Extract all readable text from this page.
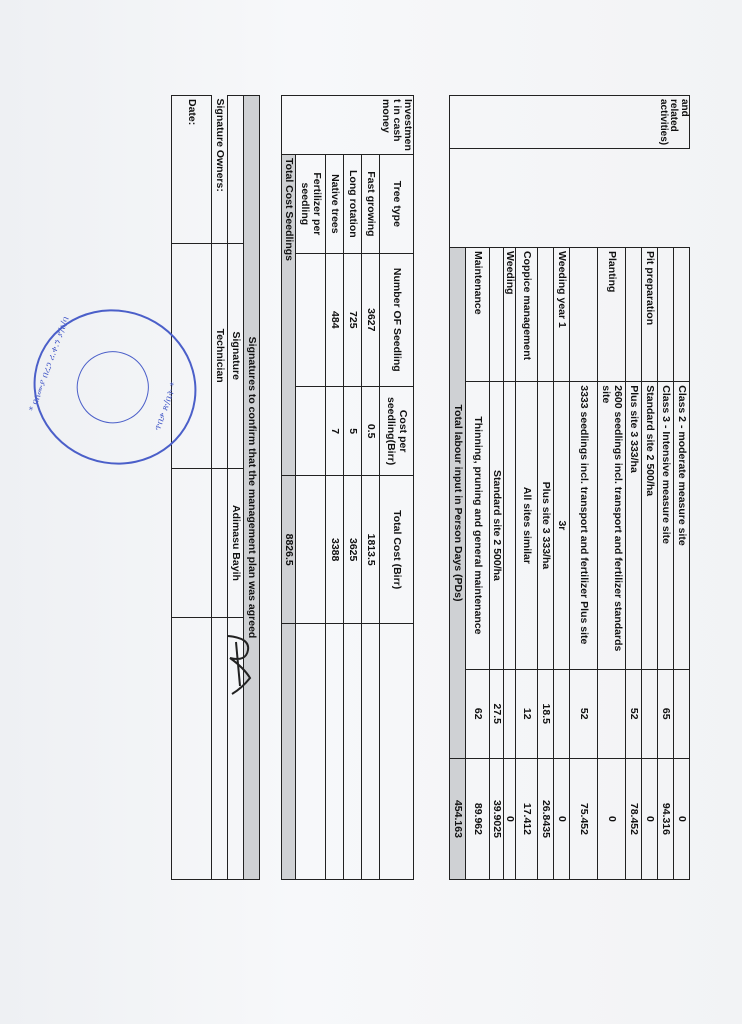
and related activities)			Class 2 - moderate measure site		0
			Class 3 - Intensive measure site	65	94.316
		Pit preparation	Standard site 2 500/ha		0
			Plus site 3 333/ha	52	78.452
		Planting	2600 seedlings incl. transport and fertilizer standards site		0
			3333 seedlings incl. transport and fertilizer Plus site	52	75.452
		Weeding year 1	3r		0
			Plus site 3 333/ha	18.5	26.8435
		Coppice management	All sites similar	12	17.412
		Weeding			0
			Standard site 2 500/ha	27.5	39.9025
		Maintenance	Thinning, pruning and general maintenance	62	89.962
		Total labour input in Person Days (PDs)			454.163
Investmen t in cash money	Tree type	Number OF Seedling	Cost per seedling(Birr)	Total Cost (Birr)	
	Fast growing	3627	0.5	1813.5	
	Long rotation	725	5	3625	
	Native trees	484	7	3388	
	Fertilizer per seedling				
	Total Cost Seedlings			8826.5	
Signatures to confirm that the management plan was agreed			
	Signature	Adimasu Bayih	
Signature Owners:	Technician		
Date:			
* ባለሙያ በረጋ ሪ.ቀ.ን ያ/ዕ/ባ	ጥበቃ ጽ/ቤት *
